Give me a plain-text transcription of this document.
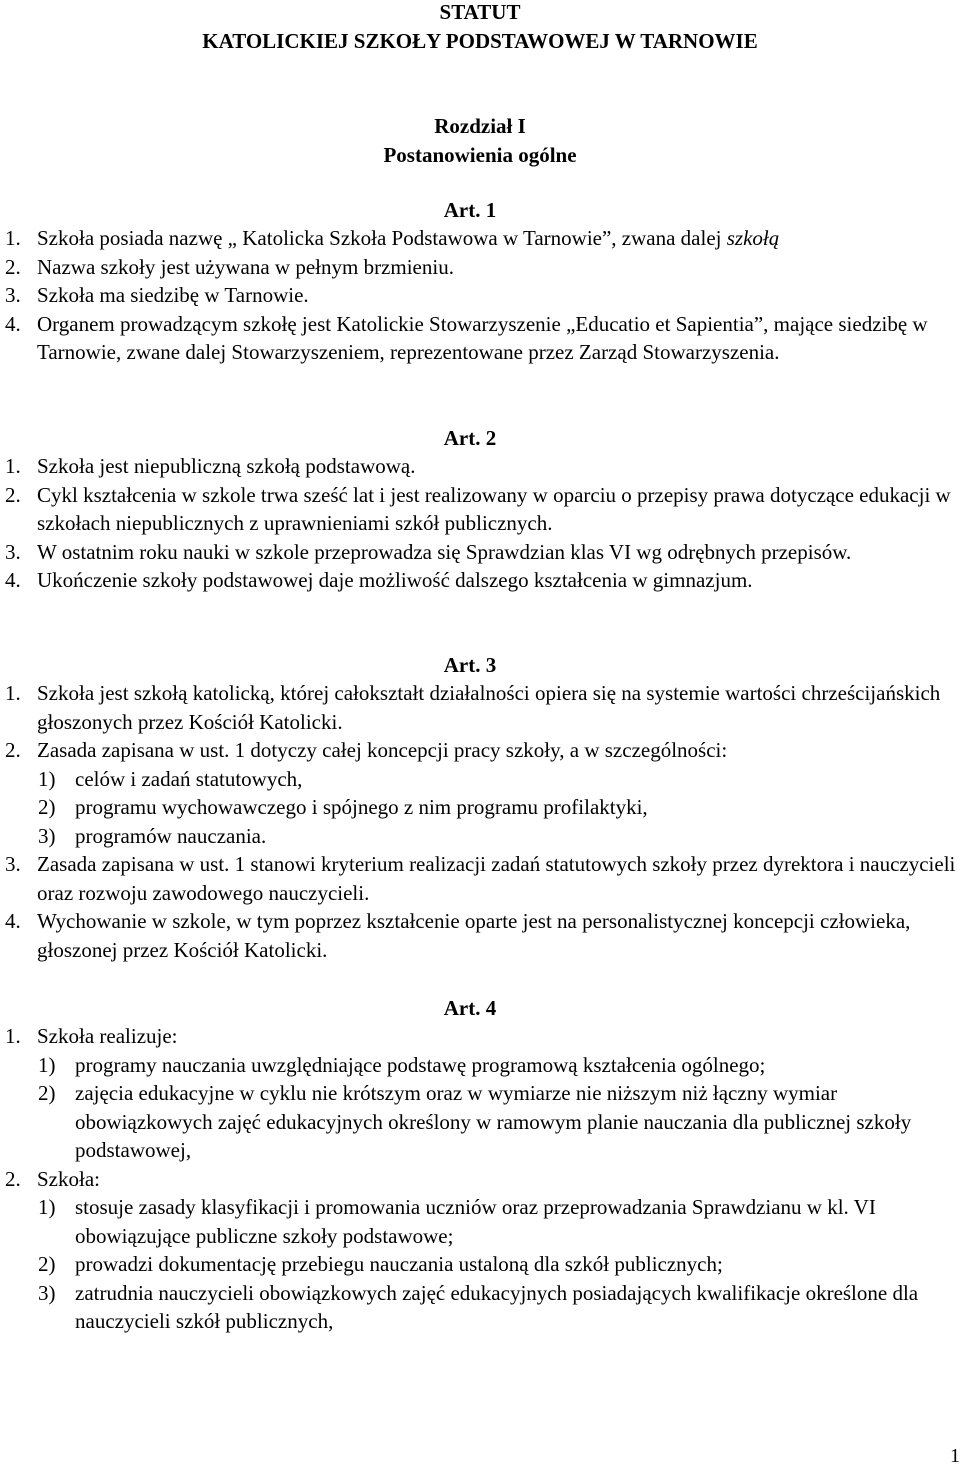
STATUT
KATOLICKIEJ SZKOŁY PODSTAWOWEJ W TARNOWIE
Rozdział I
Postanowienia ogólne
Art. 1
1. Szkoła posiada nazwę „ Katolicka Szkoła Podstawowa w Tarnowie”, zwana dalej szkołą
2. Nazwa szkoły jest używana w pełnym brzmieniu.
3. Szkoła ma siedzibę w Tarnowie.
4. Organem prowadzącym szkołę jest Katolickie Stowarzyszenie „Educatio et Sapientia”, mające siedzibę w Tarnowie, zwane dalej Stowarzyszeniem, reprezentowane przez Zarząd Stowarzyszenia.
Art. 2
1. Szkoła jest niepubliczną szkołą podstawową.
2. Cykl kształcenia w szkole trwa sześć lat i jest realizowany w oparciu o przepisy prawa dotyczące edukacji w szkołach niepublicznych z uprawnieniami szkół publicznych.
3. W ostatnim roku nauki w szkole przeprowadza się Sprawdzian klas VI wg odrębnych przepisów.
4. Ukończenie szkoły podstawowej daje możliwość dalszego kształcenia w gimnazjum.
Art. 3
1. Szkoła jest szkołą katolicką, której całokształt działalności opiera się na systemie wartości chrześcijańskich głoszonych przez Kościół Katolicki.
2. Zasada zapisana w ust. 1 dotyczy całej koncepcji pracy szkoły, a w szczególności:
1) celów i zadań statutowych,
2) programu wychowawczego i spójnego z nim programu profilaktyki,
3) programów nauczania.
3. Zasada zapisana w ust. 1 stanowi kryterium realizacji zadań statutowych szkoły przez dyrektora i nauczycieli oraz rozwoju zawodowego nauczycieli.
4. Wychowanie w szkole, w tym poprzez kształcenie oparte jest na personalistycznej koncepcji człowieka, głoszonej przez Kościół Katolicki.
Art. 4
1. Szkoła realizuje:
1) programy nauczania uwzględniające podstawę programową kształcenia ogólnego;
2) zajęcia edukacyjne w cyklu nie krótszym oraz w wymiarze nie niższym niż łączny wymiar obowiązkowych zajęć edukacyjnych określony w ramowym planie nauczania dla publicznej szkoły podstawowej,
2. Szkoła:
1) stosuje zasady klasyfikacji i promowania uczniów oraz przeprowadzania Sprawdzianu w kl. VI obowiązujące publiczne szkoły podstawowe;
2) prowadzi dokumentację przebiegu nauczania ustaloną dla szkół publicznych;
3) zatrudnia nauczycieli obowiązkowych zajęć edukacyjnych posiadających kwalifikacje określone dla nauczycieli szkół publicznych,
1
